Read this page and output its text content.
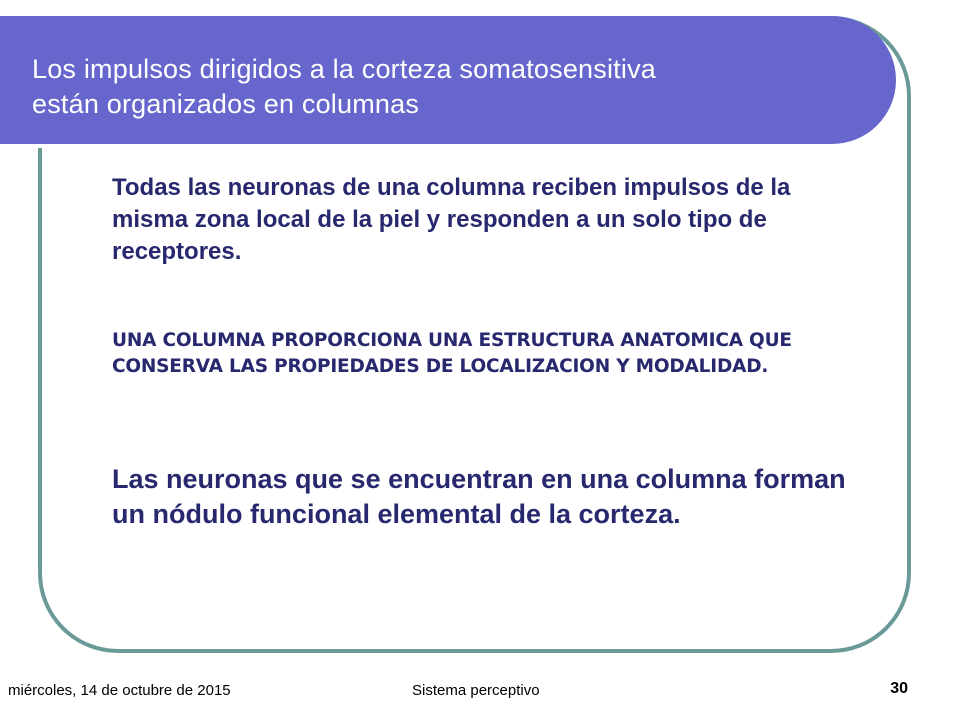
Los impulsos dirigidos a la corteza somatosensitiva
están organizados en columnas

Todas las neuronas de una columna reciben impulsos de la misma zona local de la piel y responden a un solo tipo de receptores.

UNA COLUMNA PROPORCIONA UNA ESTRUCTURA ANATOMICA QUE CONSERVA LAS PROPIEDADES DE LOCALIZACION Y MODALIDAD.

Las neuronas que se encuentran en una columna forman un nódulo funcional elemental de la corteza.

miércoles, 14 de octubre de 2015	Sistema perceptivo	30
